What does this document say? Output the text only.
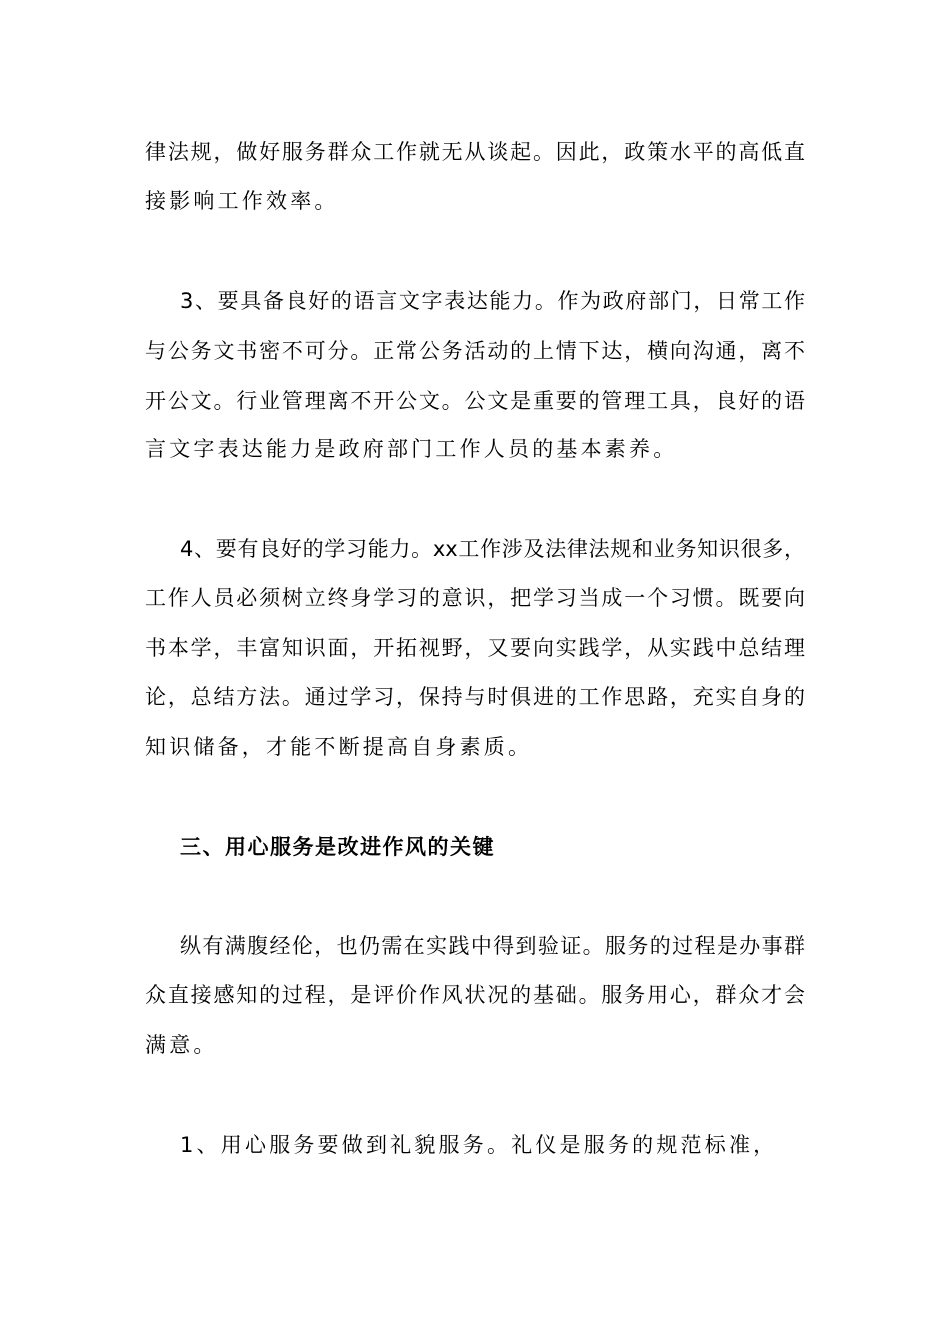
律法规，做好服务群众工作就无从谈起。因此，政策水平的高低直
接影响工作效率。
3、要具备良好的语言文字表达能力。作为政府部门，日常工作
与公务文书密不可分。正常公务活动的上情下达，横向沟通，离不
开公文。行业管理离不开公文。公文是重要的管理工具，良好的语
言文字表达能力是政府部门工作人员的基本素养。
4、要有良好的学习能力。xx工作涉及法律法规和业务知识很多，
工作人员必须树立终身学习的意识，把学习当成一个习惯。既要向
书本学，丰富知识面，开拓视野，又要向实践学，从实践中总结理
论，总结方法。通过学习，保持与时俱进的工作思路，充实自身的
知识储备，才能不断提高自身素质。
三、用心服务是改进作风的关键
纵有满腹经伦，也仍需在实践中得到验证。服务的过程是办事群
众直接感知的过程，是评价作风状况的基础。服务用心，群众才会
满意。
1、用心服务要做到礼貌服务。礼仪是服务的规范标准，
